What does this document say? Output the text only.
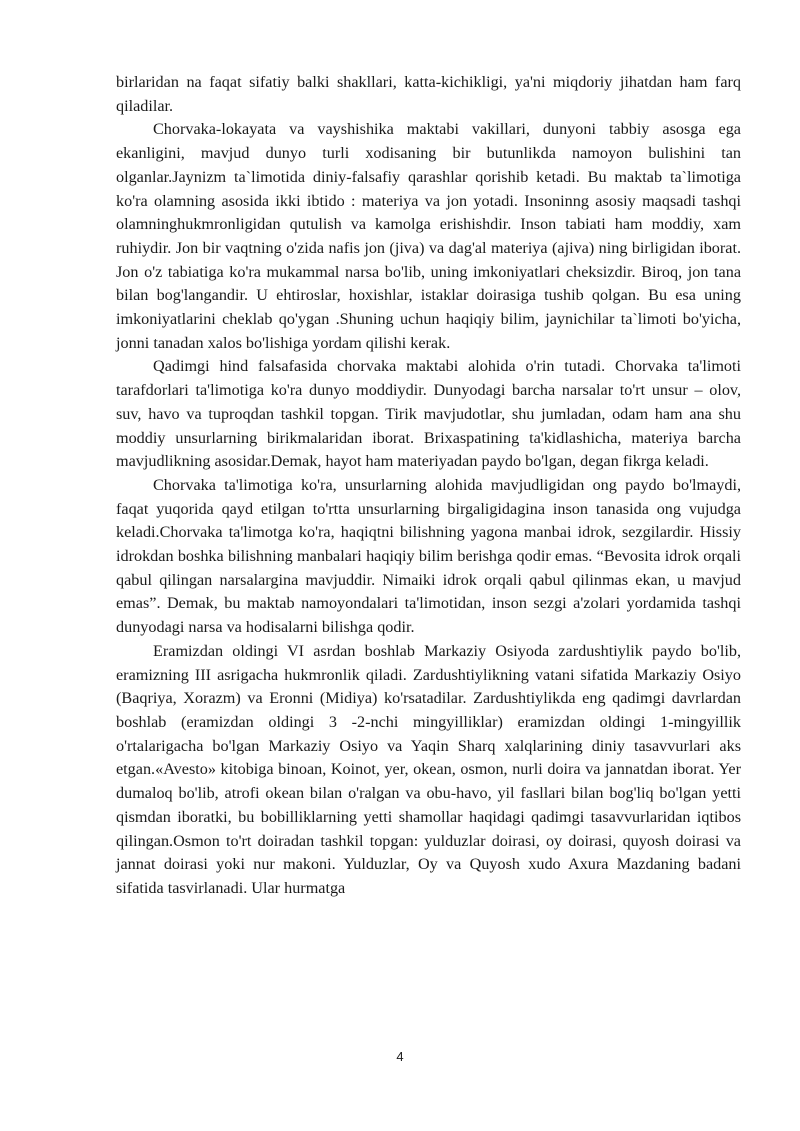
birlaridan na faqat sifatiy balki shakllari, katta-kichikligi, ya'ni miqdoriy jihatdan ham farq qiladilar.

Chorvaka-lokayata va vayshishika maktabi vakillari, dunyoni tabbiy asosga ega ekanligini, mavjud dunyo turli xodisaning bir butunlikda namoyon bulishini tan olganlar.Jaynizm ta`limotida diniy-falsafiy qarashlar qorishib ketadi. Bu maktab ta`limotiga ko'ra olamning asosida ikki ibtido : materiya va jon yotadi. Insoninng asosiy maqsadi tashqi olamninghukmronligidan qutulish va kamolga erishishdir. Inson tabiati ham moddiy, xam ruhiydir. Jon bir vaqtning o'zida nafis jon (jiva) va dag'al materiya (ajiva) ning birligidan iborat. Jon o'z tabiatiga ko'ra mukammal narsa bo'lib, uning imkoniyatlari cheksizdir. Biroq, jon tana bilan bog'langandir. U ehtiroslar, hoxishlar, istaklar doirasiga tushib qolgan. Bu esa uning imkoniyatlarini cheklab qo'ygan .Shuning uchun haqiqiy bilim, jaynichilar ta`limoti bo'yicha, jonni tanadan xalos bo'lishiga yordam qilishi kerak.

Qadimgi hind falsafasida chorvaka maktabi alohida o'rin tutadi. Chorvaka ta'limoti tarafdorlari ta'limotiga ko'ra dunyo moddiydir. Dunyodagi barcha narsalar to'rt unsur – olov, suv, havo va tuproqdan tashkil topgan. Tirik mavjudotlar, shu jumladan, odam ham ana shu moddiy unsurlarning birikmalaridan iborat. Brixaspatining ta'kidlashicha, materiya barcha mavjudlikning asosidar.Demak, hayot ham materiyadan paydo bo'lgan, degan fikrga keladi.

Chorvaka ta'limotiga ko'ra, unsurlarning alohida mavjudligidan ong paydo bo'lmaydi, faqat yuqorida qayd etilgan to'rtta unsurlarning birgaligidagina inson tanasida ong vujudga keladi.Chorvaka ta'limotga ko'ra, haqiqtni bilishning yagona manbai idrok, sezgilardir. Hissiy idrokdan boshka bilishning manbalari haqiqiy bilim berishga qodir emas. “Bevosita idrok orqali qabul qilingan narsalargina mavjuddir. Nimaiki idrok orqali qabul qilinmas ekan, u mavjud emas”. Demak, bu maktab namoyondalari ta'limotidan, inson sezgi a'zolari yordamida tashqi dunyodagi narsa va hodisalarni bilishga qodir.

Eramizdan oldingi VI asrdan boshlab Markaziy Osiyoda zardushtiylik paydo bo'lib, eramizning III asrigacha hukmronlik qiladi. Zardushtiylikning vatani sifatida Markaziy Osiyo (Baqriya, Xorazm) va Eronni (Midiya) ko'rsatadilar. Zardushtiylikda eng qadimgi davrlardan boshlab (eramizdan oldingi 3 -2-nchi mingyilliklar) eramizdan oldingi 1-mingyillik o'rtalarigacha bo'lgan Markaziy Osiyo va Yaqin Sharq xalqlarining diniy tasavvurlari aks etgan.«Avesto» kitobiga binoan, Koinot, yer, okean, osmon, nurli doira va jannatdan iborat. Yer dumaloq bo'lib, atrofi okean bilan o'ralgan va obu-havo, yil fasllari bilan bog'liq bo'lgan yetti qismdan iboratki, bu bobilliklarning yetti shamollar haqidagi qadimgi tasavvurlaridan iqtibos qilingan.Osmon to'rt doiradan tashkil topgan: yulduzlar doirasi, oy doirasi, quyosh doirasi va jannat doirasi yoki nur makoni. Yulduzlar, Oy va Quyosh xudo Axura Mazdaning badani sifatida tasvirlanadi. Ular hurmatga

4
